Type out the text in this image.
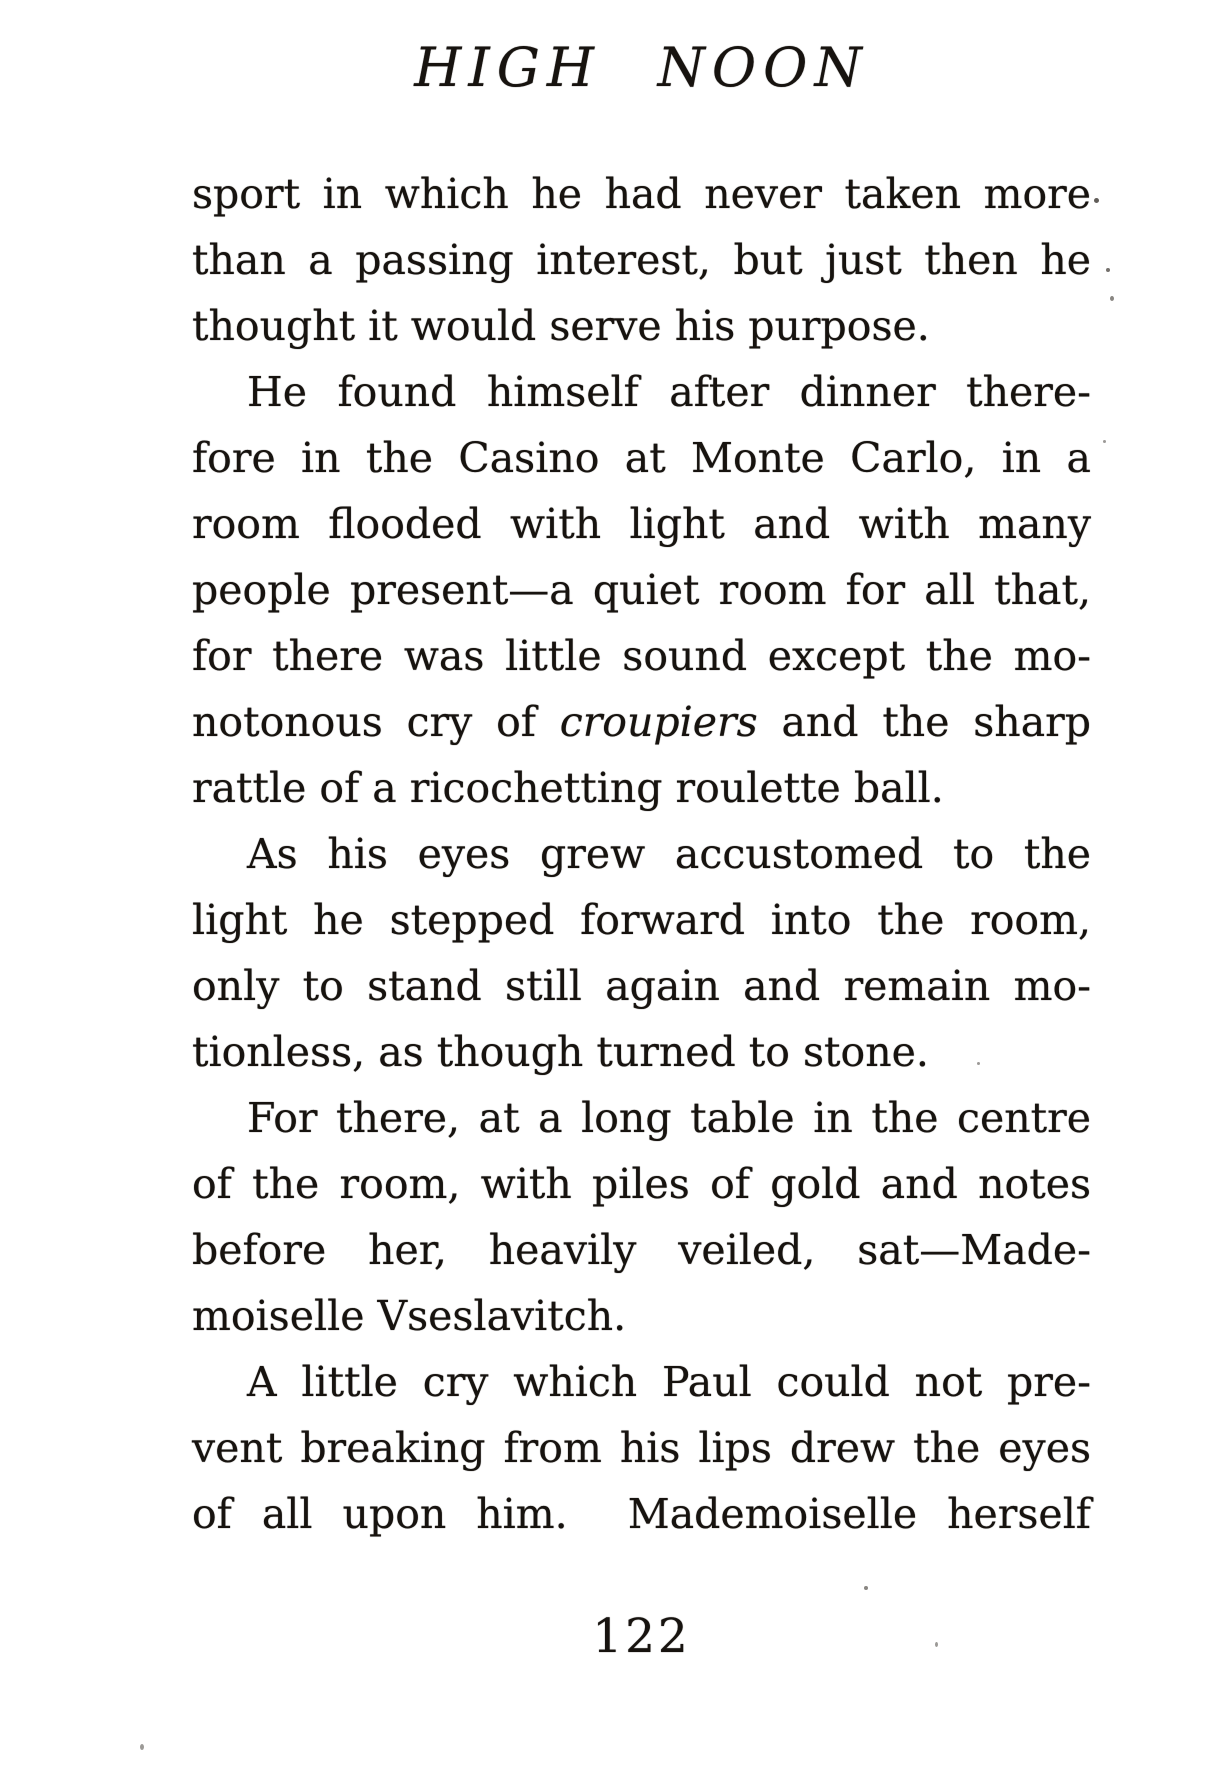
HIGH NOON
sport in which he had never taken more
than a passing interest, but just then he
thought it would serve his purpose.
He found himself after dinner there-
fore in the Casino at Monte Carlo, in a
room flooded with light and with many
people present—a quiet room for all that,
for there was little sound except the mo-
notonous cry of croupiers and the sharp
rattle of a ricochetting roulette ball.
As his eyes grew accustomed to the
light he stepped forward into the room,
only to stand still again and remain mo-
tionless, as though turned to stone.
For there, at a long table in the centre
of the room, with piles of gold and notes
before her, heavily veiled, sat—Made-
moiselle Vseslavitch.
A little cry which Paul could not pre-
vent breaking from his lips drew the eyes
of all upon him.  Mademoiselle herself
122
